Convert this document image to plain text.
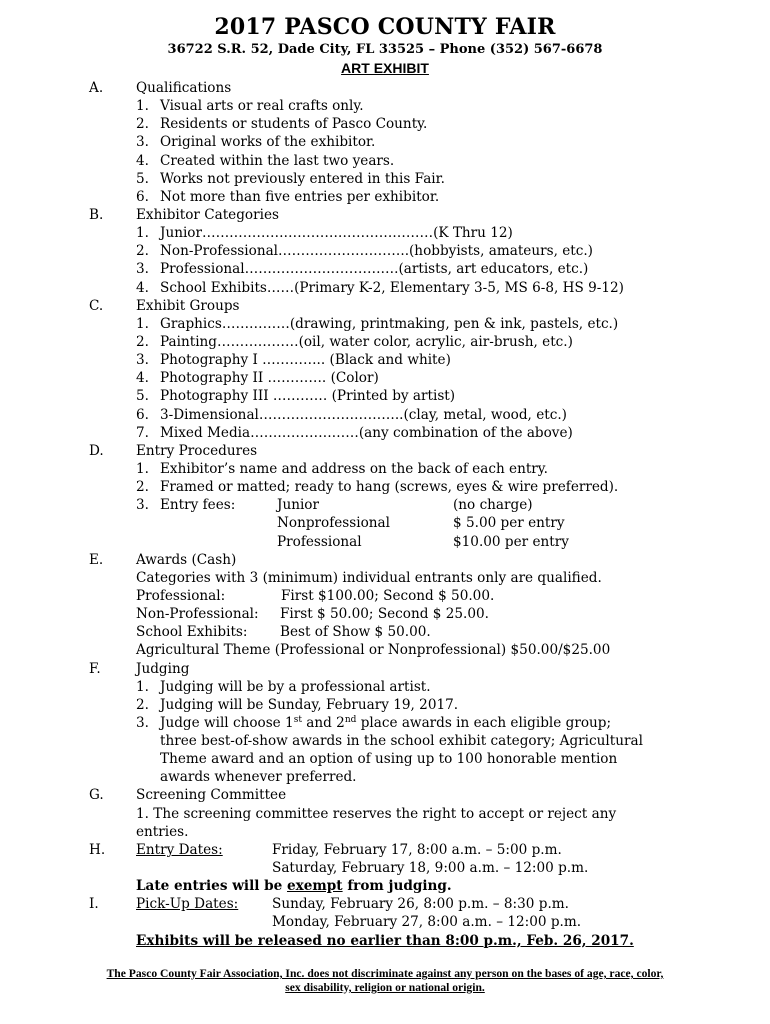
2017 PASCO COUNTY FAIR
36722 S.R. 52, Dade City, FL 33525 – Phone (352) 567-6678
ART EXHIBIT
A. Qualifications
1. Visual arts or real crafts only.
2. Residents or students of Pasco County.
3. Original works of the exhibitor.
4. Created within the last two years.
5. Works not previously entered in this Fair.
6. Not more than five entries per exhibitor.
B. Exhibitor Categories
1. Junior……………………………………………(K Thru 12)
2. Non-Professional………………………..(hobbyists, amateurs, etc.)
3. Professional…………………………….(artists, art educators, etc.)
4. School Exhibits……(Primary K-2, Elementary 3-5, MS 6-8, HS 9-12)
C. Exhibit Groups
1. Graphics……………(drawing, printmaking, pen & ink, pastels, etc.)
2. Painting………………(oil, water color, acrylic, air-brush, etc.)
3. Photography I ………….. (Black and white)
4. Photography II …………. (Color)
5. Photography III ………… (Printed by artist)
6. 3-Dimensional…………………………..(clay, metal, wood, etc.)
7. Mixed Media……………………(any combination of the above)
D. Entry Procedures
1. Exhibitor’s name and address on the back of each entry.
2. Framed or matted; ready to hang (screws, eyes & wire preferred).
3. Entry fees:	Junior	(no charge)
Nonprofessional	$ 5.00 per entry
Professional	$10.00 per entry
E. Awards (Cash)
Categories with 3 (minimum) individual entrants only are qualified.
Professional:	First $100.00; Second $ 50.00.
Non-Professional: First $ 50.00; Second $ 25.00.
School Exhibits: Best of Show $ 50.00.
Agricultural Theme (Professional or Nonprofessional) $50.00/$25.00
F.	Judging
1. Judging will be by a professional artist.
2. Judging will be Sunday, February 19, 2017.
3. Judge will choose 1st and 2nd place awards in each eligible group;
three best-of-show awards in the school exhibit category; Agricultural
Theme award and an option of using up to 100 honorable mention
awards whenever preferred.
G. Screening Committee
1. The screening committee reserves the right to accept or reject any
entries.
H. Entry Dates:	Friday, February 17, 8:00 a.m. – 5:00 p.m.
Saturday, February 18, 9:00 a.m. – 12:00 p.m.
Late entries will be exempt from judging.
I.	Pick-Up Dates: Sunday, February 26, 8:00 p.m. – 8:30 p.m.
Monday, February 27, 8:00 a.m. – 12:00 p.m.
Exhibits will be released no earlier than 8:00 p.m., Feb. 26, 2017.
The Pasco County Fair Association, Inc. does not discriminate against any person on the bases of age, race, color,
sex disability, religion or national origin.
